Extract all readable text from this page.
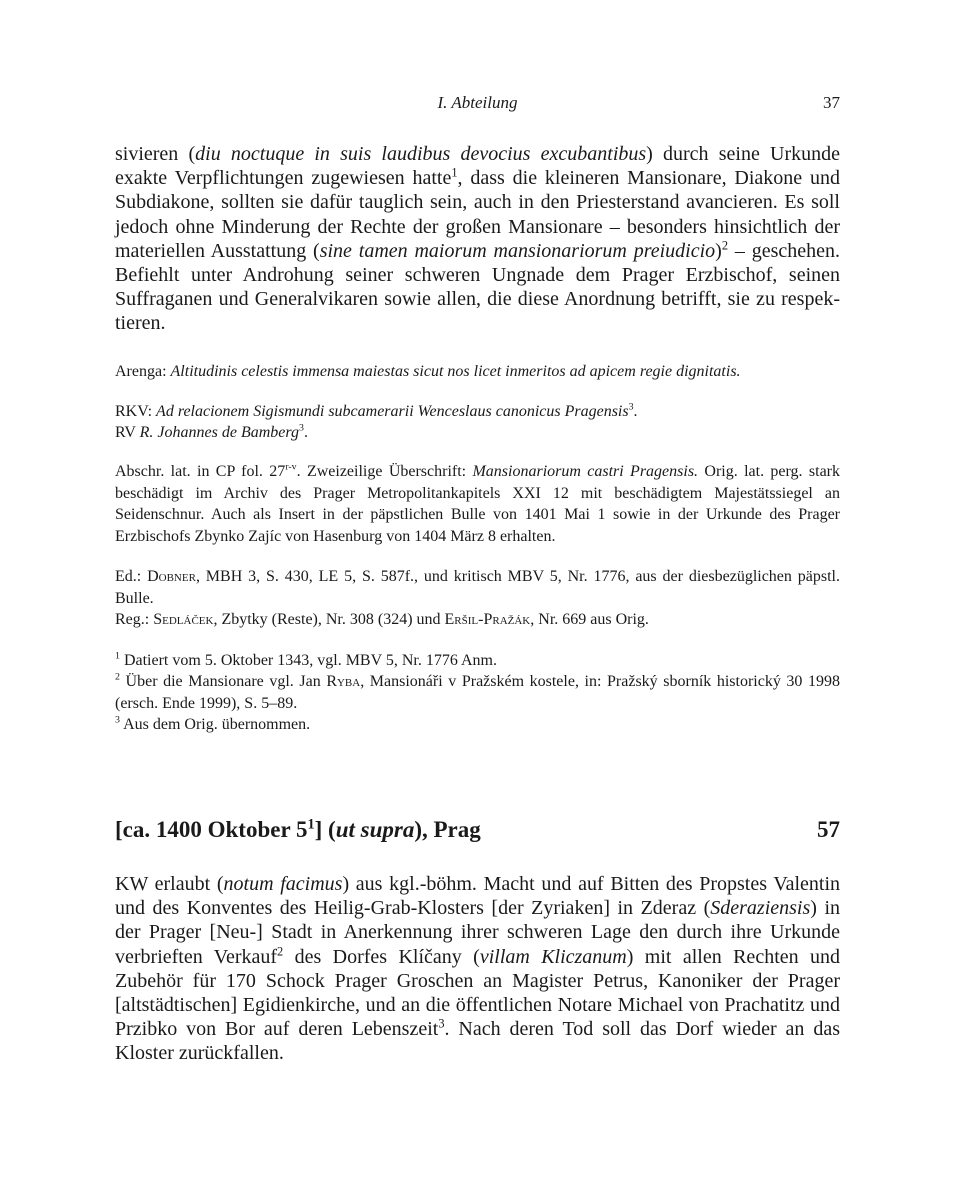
I. Abteilung	37

sivieren (diu noctuque in suis laudibus devocius excubantibus) durch seine Urkunde exakte Verpflichtungen zugewiesen hatte$^1$, dass die kleineren Mansionare, Diakone und Subdiakone, sollten sie dafür tauglich sein, auch in den Priesterstand avancieren. Es soll jedoch ohne Minderung der Rechte der großen Mansionare – besonders hinsichtlich der materiellen Ausstattung (sine tamen maiorum mansionariorum preiudicio)$^2$ – geschehen. Befiehlt unter Androhung seiner schweren Ungnade dem Prager Erzbischof, seinen Suffraganen und Generalvikaren sowie allen, die diese Anordnung betrifft, sie zu respek-tieren.

Arenga: Altitudinis celestis immensa maiestas sicut nos licet inmeritos ad apicem regie dignitatis.

RKV: Ad relacionem Sigismundi subcamerarii Wenceslaus canonicus Pragensis$^3$.

RV R. Johannes de Bamberg$^3$.

Abschr. lat. in CP fol. 27$^{r-v}$. Zweizeilige Überschrift: Mansionariorum castri Pragensis. Orig. lat. perg. stark beschädigt im Archiv des Prager Metropolitankapitels XXI 12 mit beschädigtem Majestätssiegel an Seidenschnur. Auch als Insert in der päpstlichen Bulle von 1401 Mai 1 sowie in der Urkunde des Prager Erzbischofs Zbynko Zajíc von Hasenburg von 1404 März 8 erhalten.

Ed.: Dobner, MBH 3, S. 430, LE 5, S. 587f., und kritisch MBV 5, Nr. 1776, aus der diesbezüglichen päpstl. Bulle.

Reg.: Sedláček, Zbytky (Reste), Nr. 308 (324) und Eršil-Pražák, Nr. 669 aus Orig.

$^1$ Datiert vom 5. Oktober 1343, vgl. MBV 5, Nr. 1776 Anm.

$^2$ Über die Mansionare vgl. Jan Ryba, Mansionáři v Pražském kostele, in: Pražský sborník historický 30 1998 (ersch. Ende 1999), S. 5–89.

$^3$ Aus dem Orig. übernommen.

[ca. 1400 Oktober $5^1$] (ut supra), Prag	57

KW erlaubt (notum facimus) aus kgl.-böhm. Macht und auf Bitten des Propstes Valentin und des Konventes des Heilig-Grab-Klosters [der Zyriaken] in Zderaz (Sderaziensis) in der Prager [Neu-] Stadt in Anerkennung ihrer schweren Lage den durch ihre Urkunde verbrieften Verkauf$^2$ des Dorfes Klíčany (villam Kliczanum) mit allen Rechten und Zubehör für 170 Schock Prager Groschen an Magister Petrus, Kanoniker der Prager [altstädtischen] Egidienkirche, und an die öffentlichen Notare Michael von Prachatitz und Przibko von Bor auf deren Lebenszeit$^3$. Nach deren Tod soll das Dorf wieder an das Kloster zurückfallen.
